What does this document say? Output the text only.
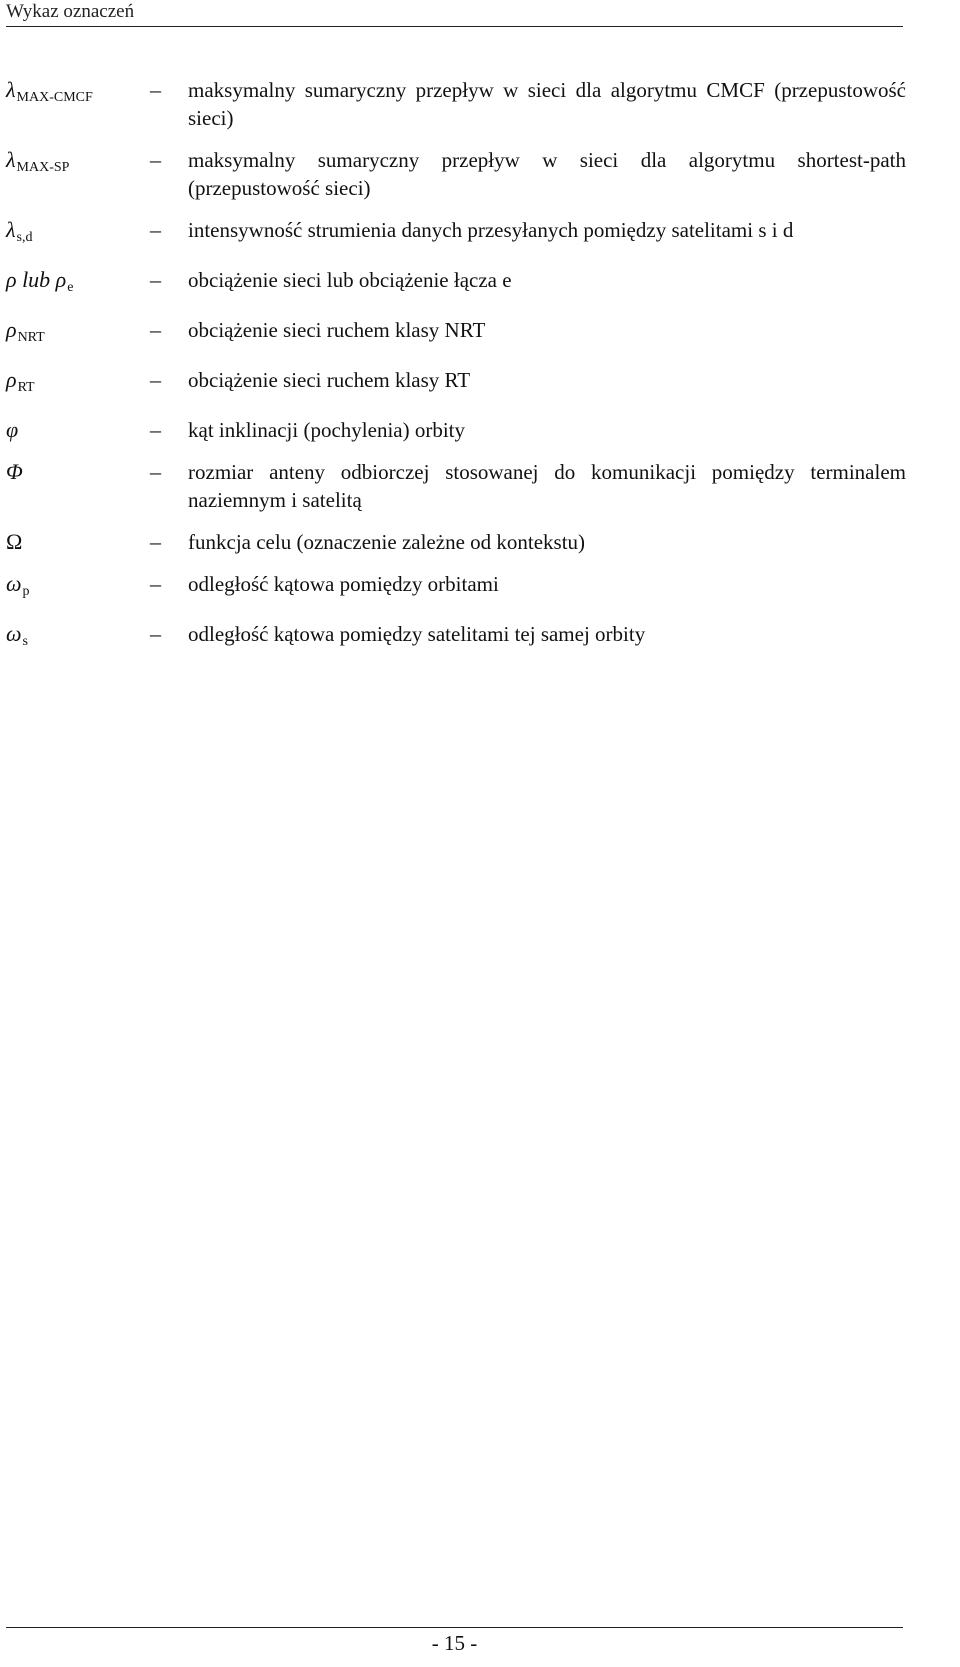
Wykaz oznaczeń
$\lambda_{MAX-CMCF}$	–	maksymalny sumaryczny przepływ w sieci dla algorytmu CMCF (przepustowość sieci)
$\lambda_{MAX-SP}$	–	maksymalny sumaryczny przepływ w sieci dla algorytmu shortest-path (przepustowość sieci)
$\lambda_{s,d}$	–	intensywność strumienia danych przesyłanych pomiędzy satelitami s i d
ρ lub $\rho_e$	–	obciążenie sieci lub obciążenie łącza e
$\rho_{NRT}$	–	obciążenie sieci ruchem klasy NRT
$\rho_{RT}$	–	obciążenie sieci ruchem klasy RT
φ	–	kąt inklinacji (pochylenia) orbity
Φ	–	rozmiar anteny odbiorczej stosowanej do komunikacji pomiędzy terminalem naziemnym i satelitą
Ω	–	funkcja celu (oznaczenie zależne od kontekstu)
$\omega_p$	–	odległość kątowa pomiędzy orbitami
$\omega_s$	–	odległość kątowa pomiędzy satelitami tej samej orbity
- 15 -
